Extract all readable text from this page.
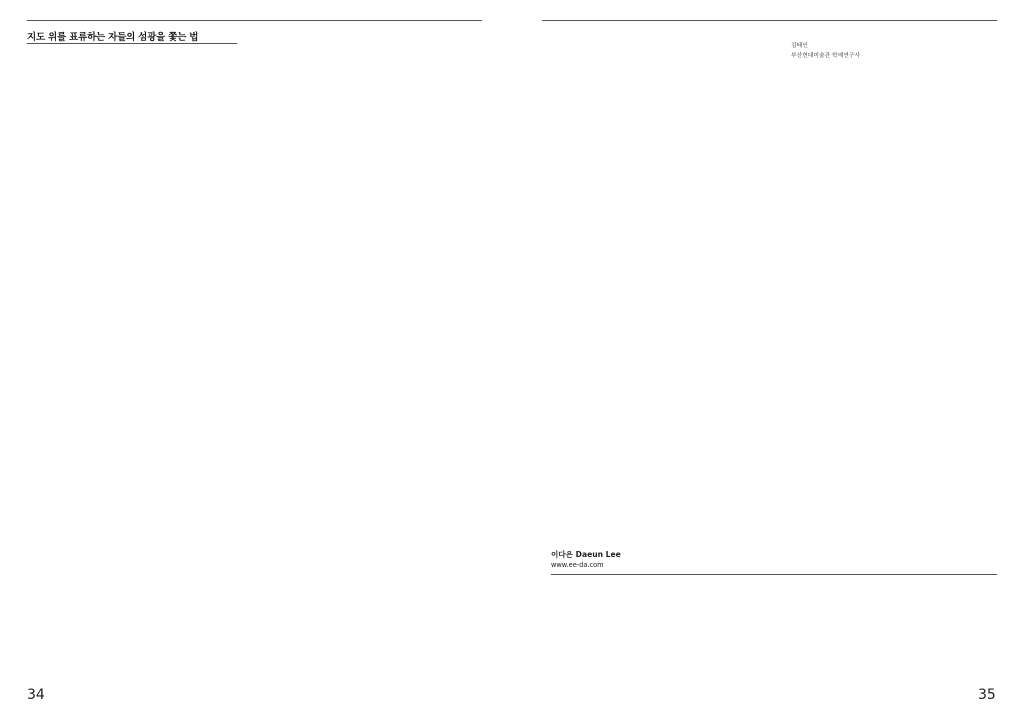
지도 위를 표류하는 자들의 섬광을 쫓는 법

34

김태인
부산현대미술관 학예연구사
이다은 Daeun Lee
www.ee-da.com
35
